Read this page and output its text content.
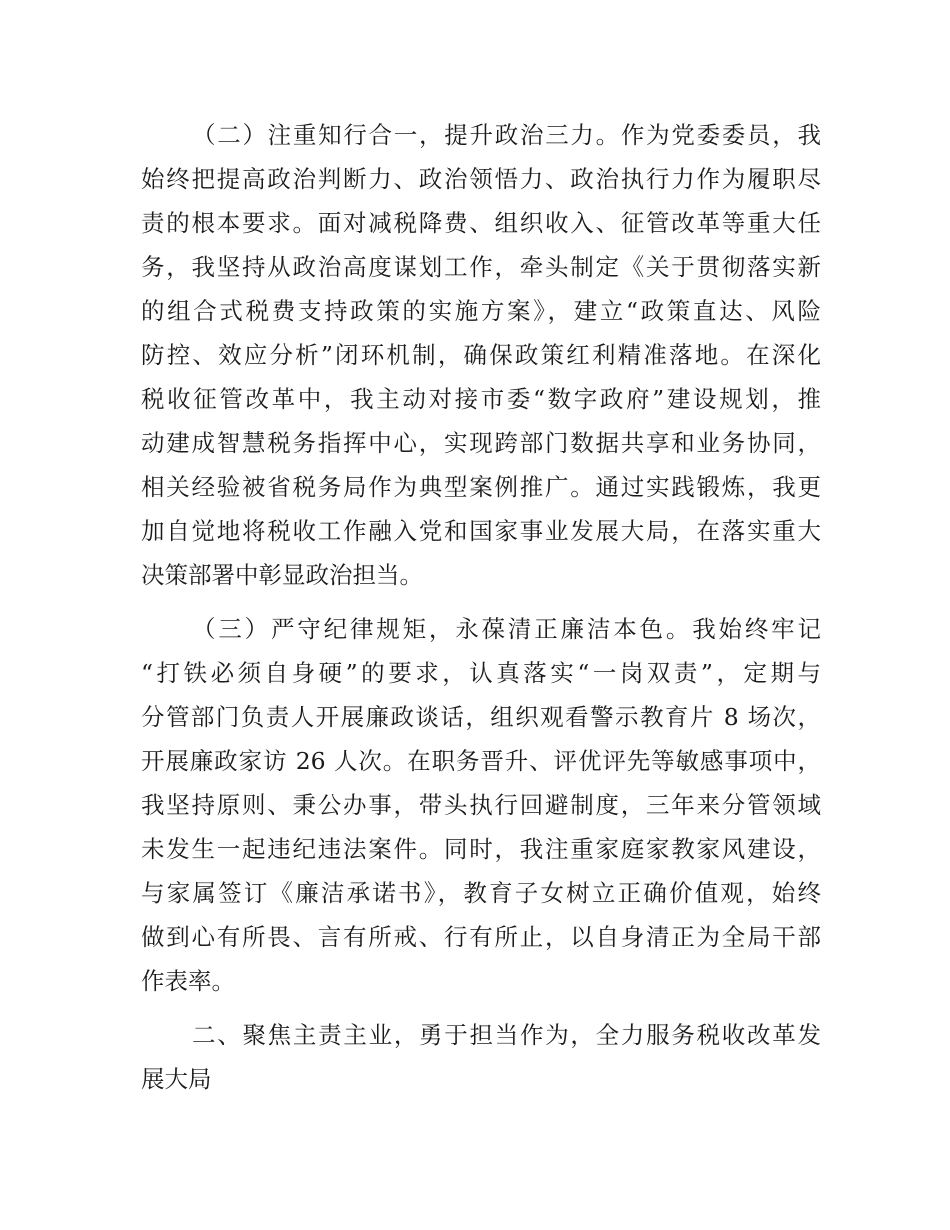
（二）注重知行合一，提升政治三力。作为党委委员，我

始终把提高政治判断力、政治领悟力、政治执行力作为履职尽

责的根本要求。面对减税降费、组织收入、征管改革等重大任

务，我坚持从政治高度谋划工作，牵头制定《关于贯彻落实新

的组合式税费支持政策的实施方案》，建立“政策直达、风险

防控、效应分析”闭环机制，确保政策红利精准落地。在深化

税收征管改革中，我主动对接市委“数字政府”建设规划，推

动建成智慧税务指挥中心，实现跨部门数据共享和业务协同，

相关经验被省税务局作为典型案例推广。通过实践锻炼，我更

加自觉地将税收工作融入党和国家事业发展大局，在落实重大

决策部署中彰显政治担当。

（三）严守纪律规矩，永葆清正廉洁本色。我始终牢记

“打铁必须自身硬”的要求，认真落实“一岗双责”，定期与

分管部门负责人开展廉政谈话，组织观看警示教育片 8 场次，

开展廉政家访 26 人次。在职务晋升、评优评先等敏感事项中，

我坚持原则、秉公办事，带头执行回避制度，三年来分管领域

未发生一起违纪违法案件。同时，我注重家庭家教家风建设，

与家属签订《廉洁承诺书》，教育子女树立正确价值观，始终

做到心有所畏、言有所戒、行有所止，以自身清正为全局干部

作表率。

二、聚焦主责主业，勇于担当作为，全力服务税收改革发

展大局
